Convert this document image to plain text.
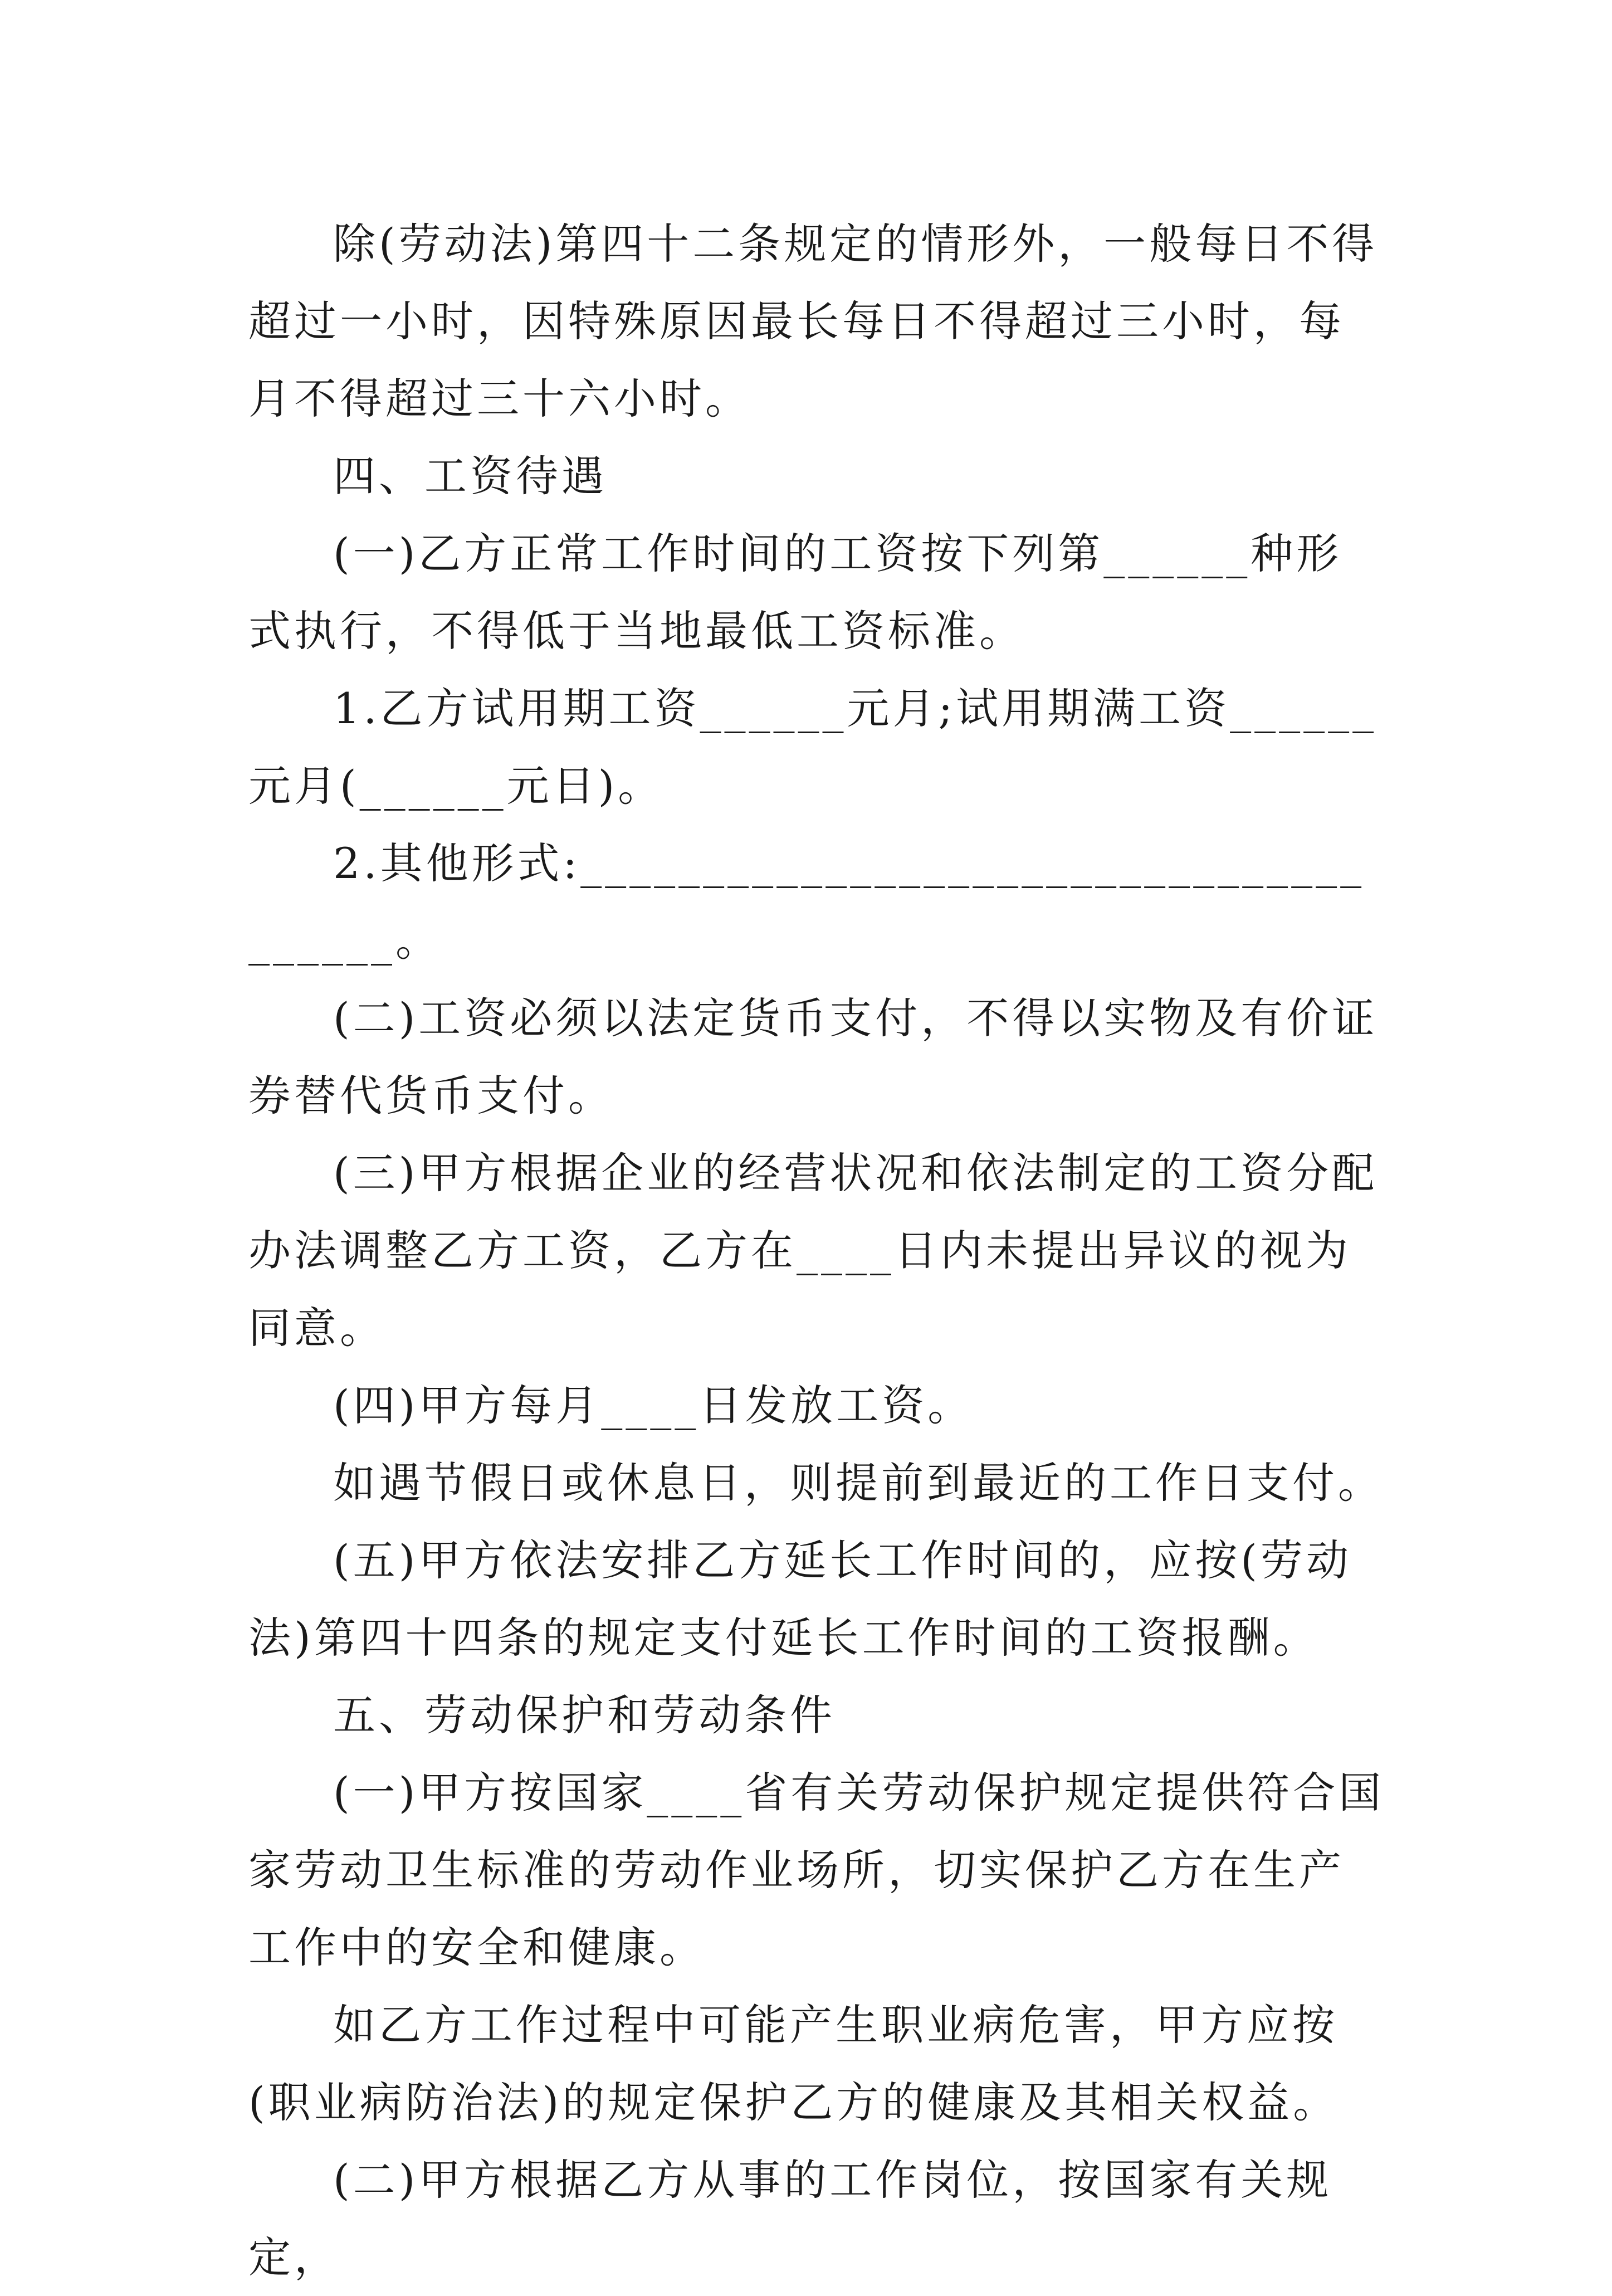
除(劳动法)第四十二条规定的情形外，一般每日不得超过一小时，因特殊原因最长每日不得超过三小时，每月不得超过三十六小时。

四、工资待遇

(一)乙方正常工作时间的工资按下列第______种形式执行，不得低于当地最低工资标准。

1.乙方试用期工资______元月;试用期满工资______元月(______元日)。

2.其他形式:______________________________________。

(二)工资必须以法定货币支付，不得以实物及有价证券替代货币支付。

(三)甲方根据企业的经营状况和依法制定的工资分配办法调整乙方工资，乙方在____日内未提出异议的视为同意。

(四)甲方每月____日发放工资。

如遇节假日或休息日，则提前到最近的工作日支付。

(五)甲方依法安排乙方延长工作时间的，应按(劳动法)第四十四条的规定支付延长工作时间的工资报酬。

五、劳动保护和劳动条件

(一)甲方按国家____省有关劳动保护规定提供符合国家劳动卫生标准的劳动作业场所，切实保护乙方在生产工作中的安全和健康。

如乙方工作过程中可能产生职业病危害，甲方应按(职业病防治法)的规定保护乙方的健康及其相关权益。

(二)甲方根据乙方从事的工作岗位，按国家有关规定，
